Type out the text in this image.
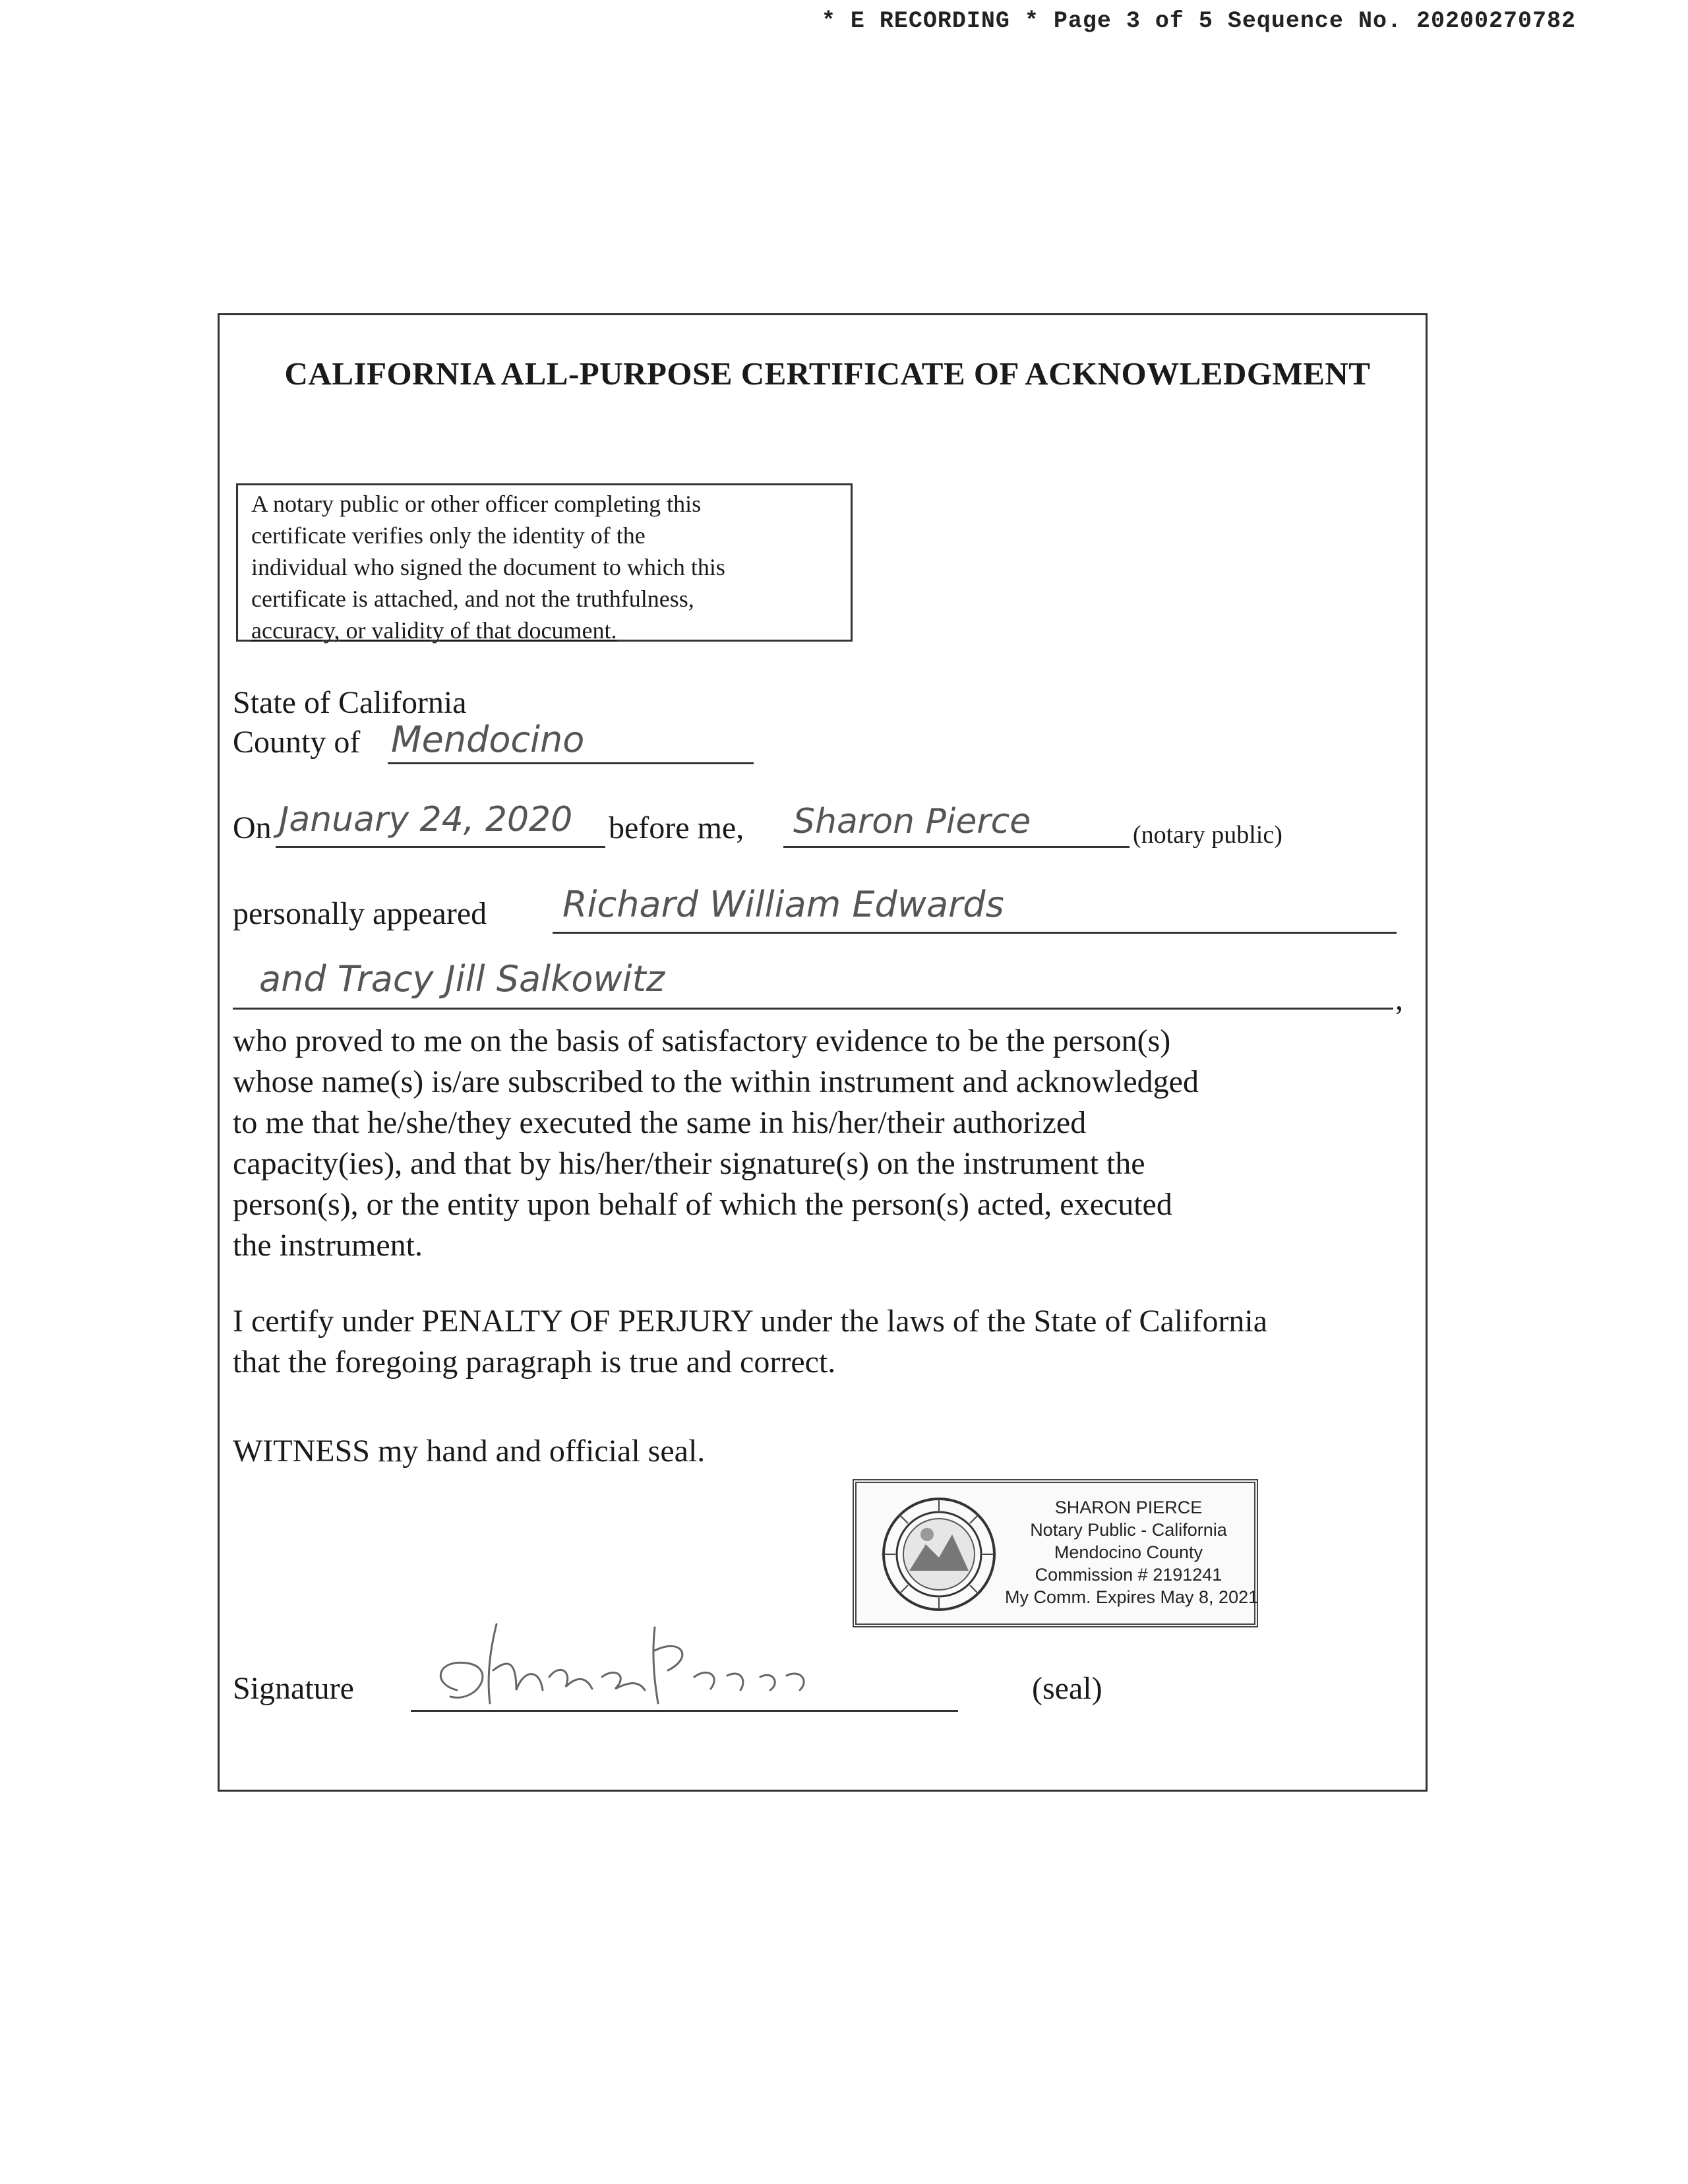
* E RECORDING * Page 3 of 5 Sequence No. 20200270782
CALIFORNIA ALL-PURPOSE CERTIFICATE OF ACKNOWLEDGMENT
A notary public or other officer completing this
certificate verifies only the identity of the
individual who signed the document to which this
certificate is attached, and not the truthfulness,
accuracy, or validity of that document.
State of California
County of Mendocino
On January 24, 2020 before me, Sharon Pierce	(notary public)
personally appeared Richard William Edwards
and Tracy Jill Salkowitz	,
who proved to me on the basis of satisfactory evidence to be the person(s)
whose name(s) is/are subscribed to the within instrument and acknowledged
to me that he/she/they executed the same in his/her/their authorized
capacity(ies), and that by his/her/their signature(s) on the instrument the
person(s), or the entity upon behalf of which the person(s) acted, executed
the instrument.
I certify under PENALTY OF PERJURY under the laws of the State of California
that the foregoing paragraph is true and correct.
WITNESS my hand and official seal.
SHARON PIERCE
Notary Public - California
Mendocino County
Commission # 2191241
My Comm. Expires May 8, 2021
Signature	(seal)
